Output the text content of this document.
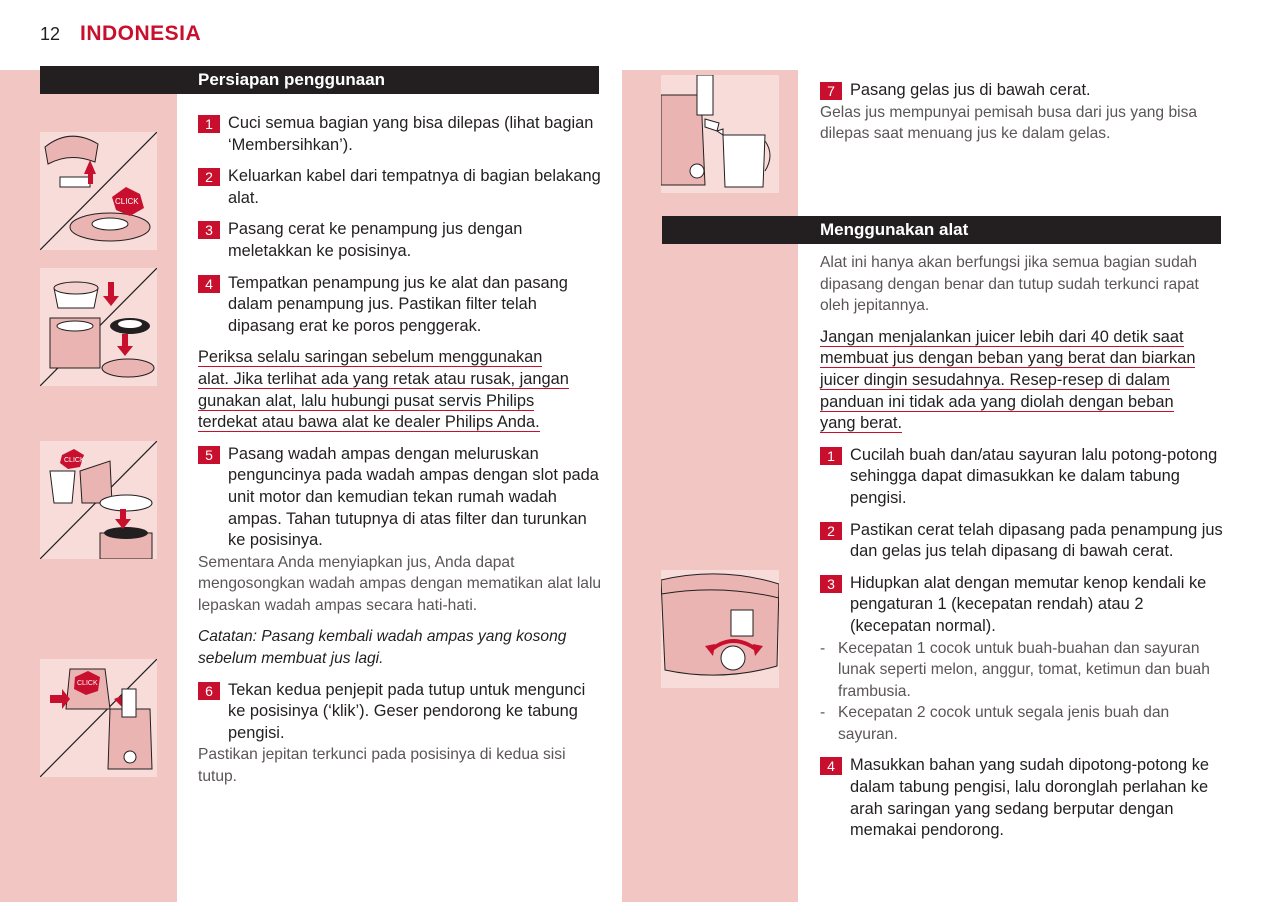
12 INDONESIA
Persiapan penggunaan
Menggunakan alat
CLICK
CLICK
CLICK
1 Cuci semua bagian yang bisa dilepas (lihat bagian ‘Membersihkan’).
2 Keluarkan kabel dari tempatnya di bagian belakang alat.
3 Pasang cerat ke penampung jus dengan meletakkan ke posisinya.
4 Tempatkan penampung jus ke alat dan pasang dalam penampung jus. Pastikan filter telah dipasang erat ke poros penggerak.
Periksa selalu saringan sebelum menggunakan
alat. Jika terlihat ada yang retak atau rusak, jangan
gunakan alat, lalu hubungi pusat servis Philips
terdekat atau bawa alat ke dealer Philips Anda.
5 Pasang wadah ampas dengan meluruskan penguncinya pada wadah ampas dengan slot pada unit motor dan kemudian tekan rumah wadah ampas. Tahan tutupnya di atas filter dan turunkan ke posisinya.
Sementara Anda menyiapkan jus, Anda dapat mengosongkan wadah ampas dengan mematikan alat lalu lepaskan wadah ampas secara hati-hati.
Catatan: Pasang kembali wadah ampas yang kosong sebelum membuat jus lagi.
6 Tekan kedua penjepit pada tutup untuk mengunci ke posisinya (‘klik’). Geser pendorong ke tabung pengisi.
Pastikan jepitan terkunci pada posisinya di kedua sisi tutup.
7 Pasang gelas jus di bawah cerat.
Gelas jus mempunyai pemisah busa dari jus yang bisa dilepas saat menuang jus ke dalam gelas.
Alat ini hanya akan berfungsi jika semua bagian sudah dipasang dengan benar dan tutup sudah terkunci rapat oleh jepitannya.
Jangan menjalankan juicer lebih dari 40 detik saat
membuat jus dengan beban yang berat dan biarkan
juicer dingin sesudahnya. Resep-resep di dalam
panduan ini tidak ada yang diolah dengan beban
yang berat.
1 Cucilah buah dan/atau sayuran lalu potong-potong sehingga dapat dimasukkan ke dalam tabung pengisi.
2 Pastikan cerat telah dipasang pada penampung jus dan gelas jus telah dipasang di bawah cerat.
3 Hidupkan alat dengan memutar kenop kendali ke pengaturan 1 (kecepatan rendah) atau 2 (kecepatan normal).
- Kecepatan 1 cocok untuk buah-buahan dan sayuran lunak seperti melon, anggur, tomat, ketimun dan buah frambusia.
- Kecepatan 2 cocok untuk segala jenis buah dan sayuran.
4 Masukkan bahan yang sudah dipotong-potong ke dalam tabung pengisi, lalu doronglah perlahan ke arah saringan yang sedang berputar dengan memakai pendorong.
